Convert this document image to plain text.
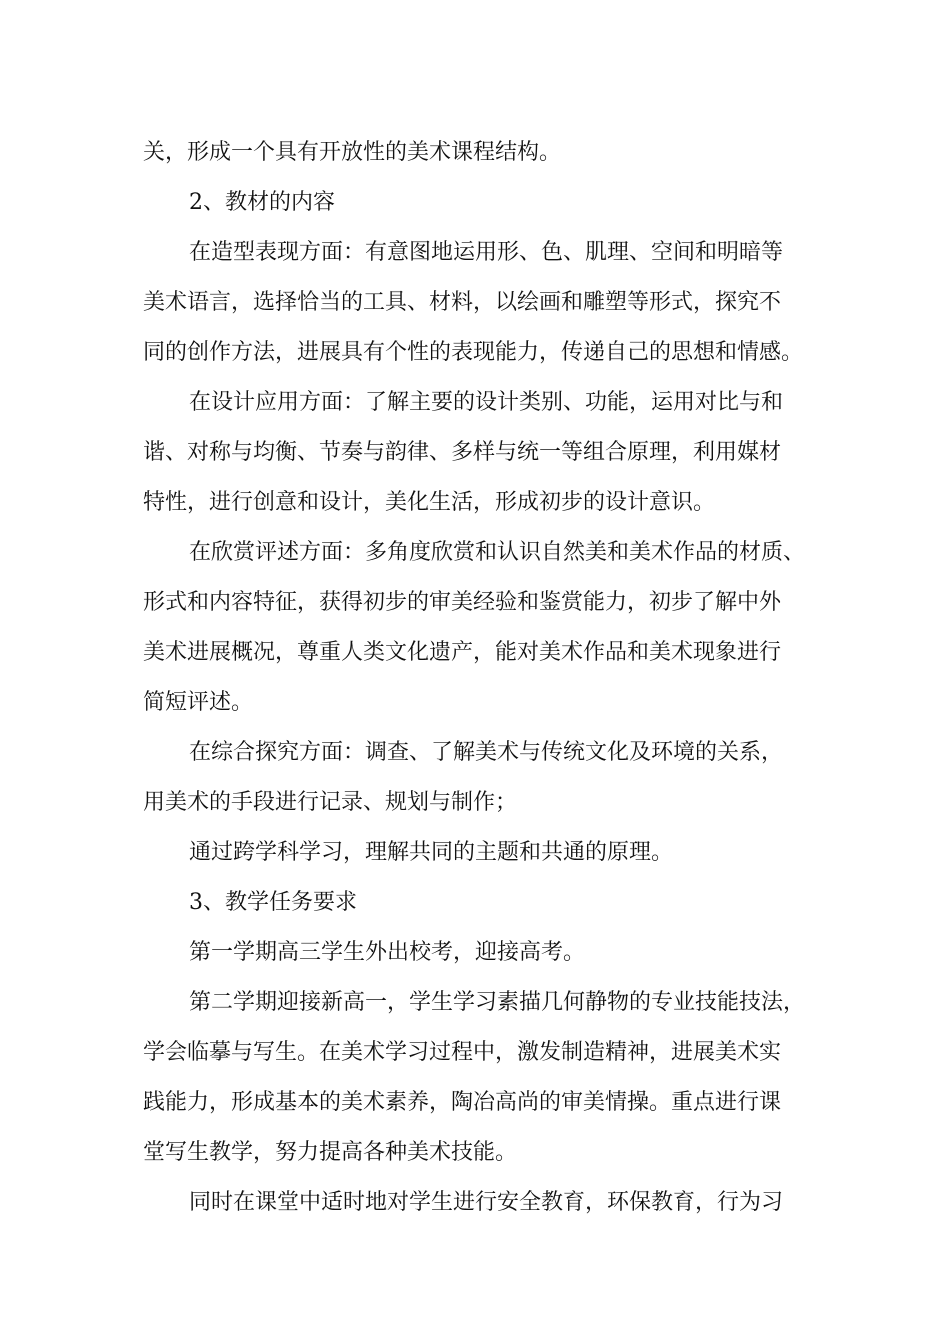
关，形成一个具有开放性的美术课程结构。
2、教材的内容
在造型表现方面：有意图地运用形、色、肌理、空间和明暗等
美术语言，选择恰当的工具、材料，以绘画和雕塑等形式，探究不
同的创作方法，进展具有个性的表现能力，传递自己的思想和情感。
在设计应用方面：了解主要的设计类别、功能，运用对比与和
谐、对称与均衡、节奏与韵律、多样与统一等组合原理，利用媒材
特性，进行创意和设计，美化生活，形成初步的设计意识。
在欣赏评述方面：多角度欣赏和认识自然美和美术作品的材质、
形式和内容特征，获得初步的审美经验和鉴赏能力，初步了解中外
美术进展概况，尊重人类文化遗产，能对美术作品和美术现象进行
简短评述。
在综合探究方面：调查、了解美术与传统文化及环境的关系，
用美术的手段进行记录、规划与制作；
通过跨学科学习，理解共同的主题和共通的原理。
3、教学任务要求
第一学期高三学生外出校考，迎接高考。
第二学期迎接新高一，学生学习素描几何静物的专业技能技法，
学会临摹与写生。在美术学习过程中，激发制造精神，进展美术实
践能力，形成基本的美术素养，陶冶高尚的审美情操。重点进行课
堂写生教学，努力提高各种美术技能。
同时在课堂中适时地对学生进行安全教育，环保教育，行为习
